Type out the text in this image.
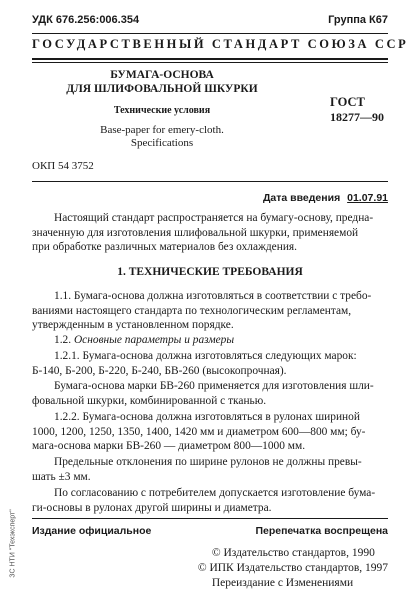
УДК 676.256:006.354	Группа К67
ГОСУДАРСТВЕННЫЙ СТАНДАРТ СОЮЗА ССР
БУМАГА-ОСНОВА
ДЛЯ ШЛИФОВАЛЬНОЙ ШКУРКИ
Технические условия
Base-paper for emery-cloth.
Specifications
ГОСТ
18277—90
ОКП 54 3752
Дата введения 01.07.91
Настоящий стандарт распространяется на бумагу-основу, предна-
значенную для изготовления шлифовальной шкурки, применяемой
при обработке различных материалов без охлаждения.
1. ТЕХНИЧЕСКИЕ ТРЕБОВАНИЯ
1.1. Бумага-основа должна изготовляться в соответствии с требо-
ваниями настоящего стандарта по технологическим регламентам,
утвержденным в установленном порядке.
1.2. Основные параметры и размеры
1.2.1. Бумага-основа должна изготовляться следующих марок:
Б-140, Б-200, Б-220, Б-240, БВ-260 (высокопрочная).
Бумага-основа марки БВ-260 применяется для изготовления шли-
фовальной шкурки, комбинированной с тканью.
1.2.2. Бумага-основа должна изготовляться в рулонах шириной
1000, 1200, 1250, 1350, 1400, 1420 мм и диаметром 600—800 мм; бу-
мага-основа марки БВ-260 — диаметром 800—1000 мм.
Предельные отклонения по ширине рулонов не должны превы-
шать ±3 мм.
По согласованию с потребителем допускается изготовление бума-
ги-основы в рулонах другой ширины и диаметра.
Издание официальное	Перепечатка воспрещена
© Издательство стандартов, 1990
© ИПК Издательство стандартов, 1997
Переиздание с Изменениями
ЗС НТИ "Техэксперт"
